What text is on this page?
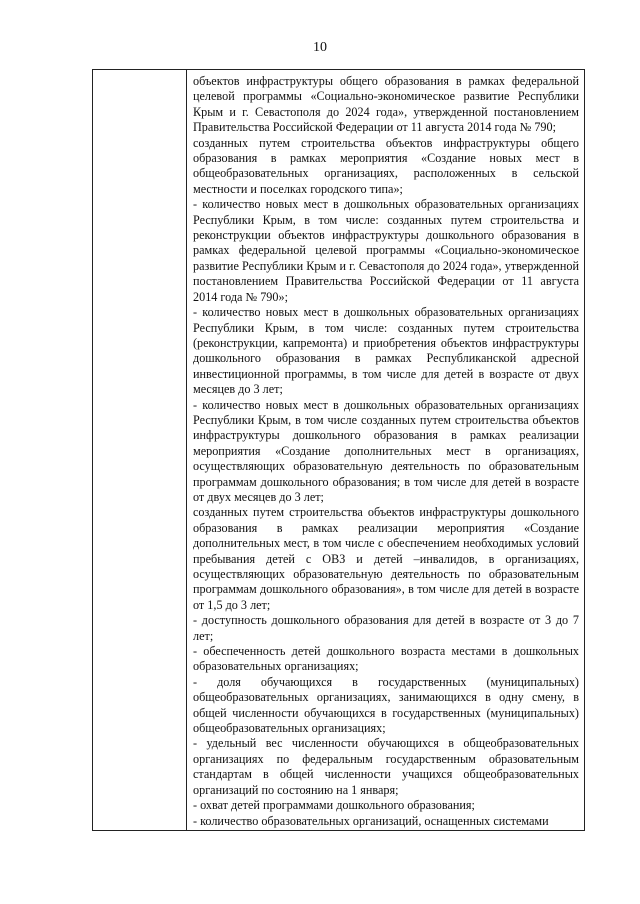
10

объектов инфраструктуры общего образования в рамках федеральной целевой программы «Социально-экономическое развитие Республики Крым и г. Севастополя до 2024 года», утвержденной постановлением Правительства Российской Федерации от 11 августа 2014 года № 790;

созданных путем строительства объектов инфраструктуры общего образования в рамках мероприятия «Создание новых мест в общеобразовательных организациях, расположенных в сельской местности и поселках городского типа»;

- количество новых мест в дошкольных образовательных организациях Республики Крым, в том числе: созданных путем строительства и реконструкции объектов инфраструктуры дошкольного образования в рамках федеральной целевой программы «Социально-экономическое развитие Республики Крым и г. Севастополя до 2024 года», утвержденной постановлением Правительства Российской Федерации от 11 августа 2014 года № 790»;

- количество новых мест в дошкольных образовательных организациях Республики Крым, в том числе: созданных путем строительства (реконструкции, капремонта) и приобретения объектов инфраструктуры дошкольного образования в рамках Республиканской адресной инвестиционной программы, в том числе для детей в возрасте от двух месяцев до 3 лет;

- количество новых мест в дошкольных образовательных организациях Республики Крым, в том числе созданных путем строительства объектов инфраструктуры дошкольного образования в рамках реализации мероприятия «Создание дополнительных мест в организациях, осуществляющих образовательную деятельность по образовательным программам дошкольного образования; в том числе для детей в возрасте от двух месяцев до 3 лет;

созданных путем строительства объектов инфраструктуры дошкольного образования в рамках реализации мероприятия «Создание дополнительных мест, в том числе с обеспечением необходимых условий пребывания детей с ОВЗ и детей –инвалидов, в организациях, осуществляющих образовательную деятельность по образовательным программам дошкольного образования», в том числе для детей в возрасте от 1,5 до 3 лет;

- доступность дошкольного образования для детей в возрасте от 3 до 7 лет;

- обеспеченность детей дошкольного возраста местами в дошкольных образовательных организациях;

- доля обучающихся в государственных (муниципальных) общеобразовательных организациях, занимающихся в одну смену, в общей численности обучающихся в государственных (муниципальных) общеобразовательных организациях;

- удельный вес численности обучающихся в общеобразовательных организациях по федеральным государственным образовательным стандартам в общей численности учащихся общеобразовательных организаций по состоянию на 1 января;

- охват детей программами дошкольного образования;

- количество образовательных организаций, оснащенных системами
